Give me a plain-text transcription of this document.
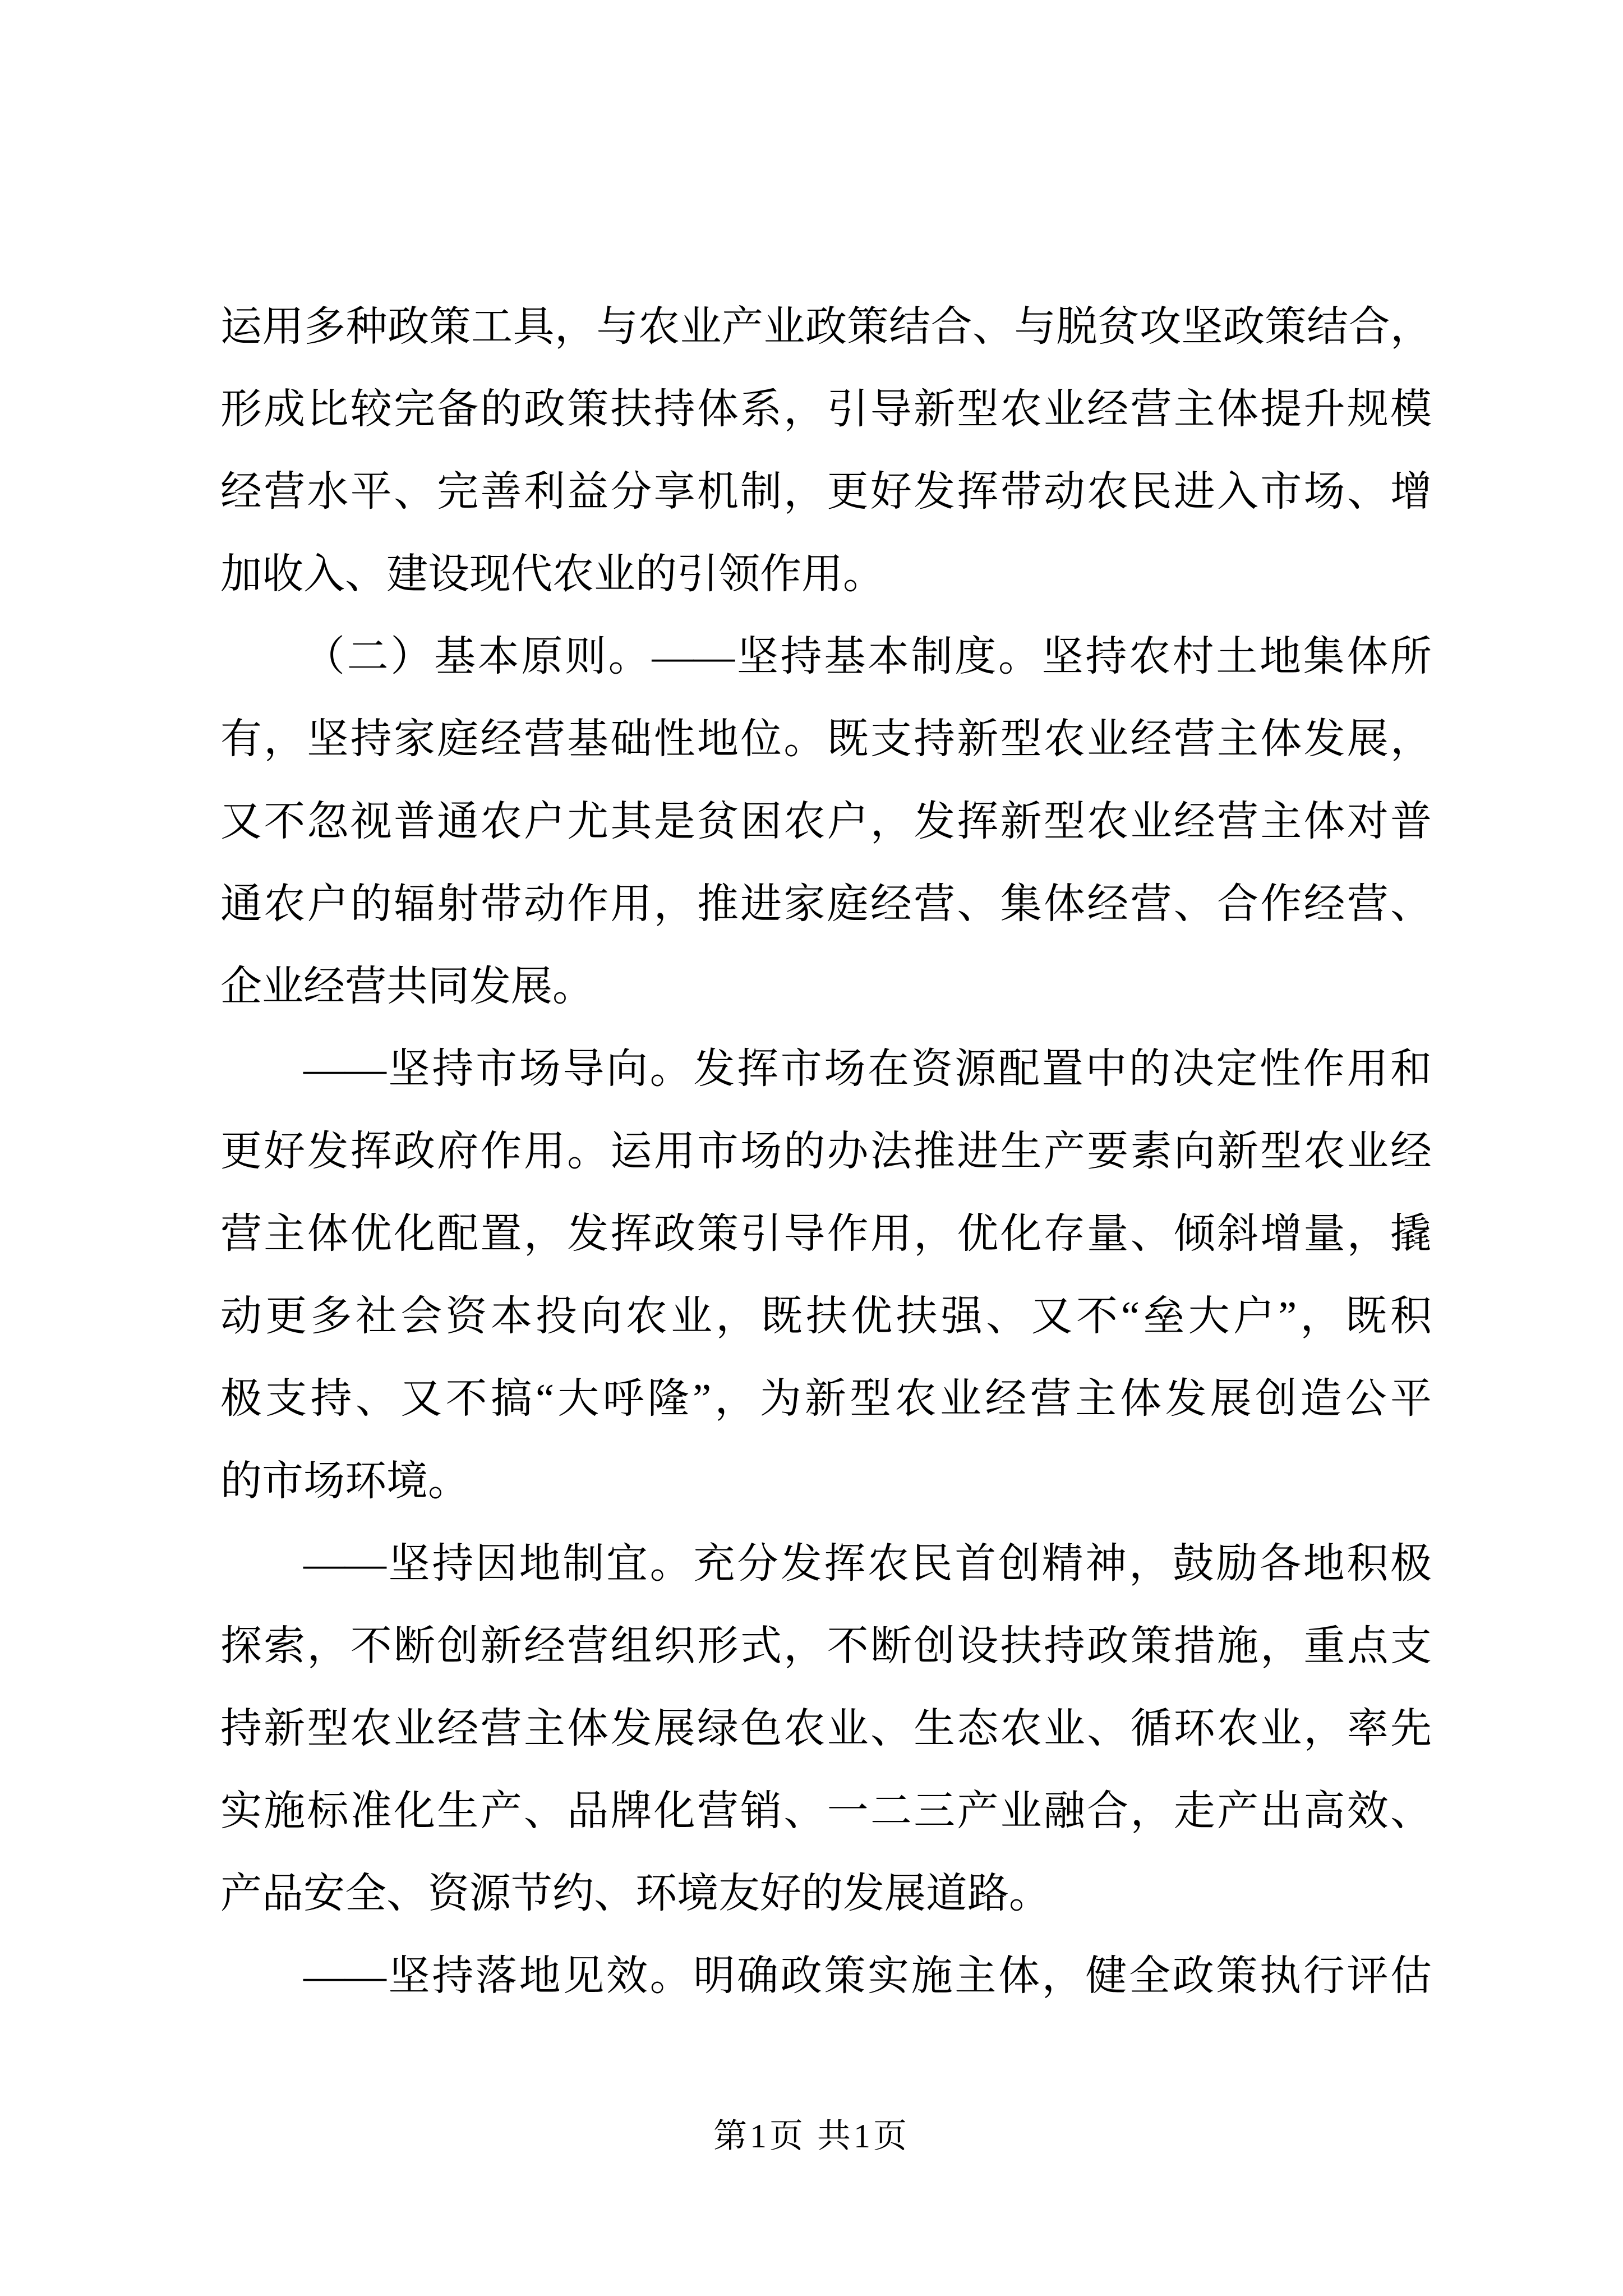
运用多种政策工具，与农业产业政策结合、与脱贫攻坚政策结合，
形成比较完备的政策扶持体系，引导新型农业经营主体提升规模
经营水平、完善利益分享机制，更好发挥带动农民进入市场、增
加收入、建设现代农业的引领作用。
（二）基本原则。——坚持基本制度。坚持农村土地集体所
有，坚持家庭经营基础性地位。既支持新型农业经营主体发展，
又不忽视普通农户尤其是贫困农户，发挥新型农业经营主体对普
通农户的辐射带动作用，推进家庭经营、集体经营、合作经营、
企业经营共同发展。
——坚持市场导向。发挥市场在资源配置中的决定性作用和
更好发挥政府作用。运用市场的办法推进生产要素向新型农业经
营主体优化配置，发挥政策引导作用，优化存量、倾斜增量，撬
动更多社会资本投向农业，既扶优扶强、又不“垒大户”，既积
极支持、又不搞“大呼隆”，为新型农业经营主体发展创造公平
的市场环境。
——坚持因地制宜。充分发挥农民首创精神，鼓励各地积极
探索，不断创新经营组织形式，不断创设扶持政策措施，重点支
持新型农业经营主体发展绿色农业、生态农业、循环农业，率先
实施标准化生产、品牌化营销、一二三产业融合，走产出高效、
产品安全、资源节约、环境友好的发展道路。
——坚持落地见效。明确政策实施主体，健全政策执行评估
第1页 共1页
